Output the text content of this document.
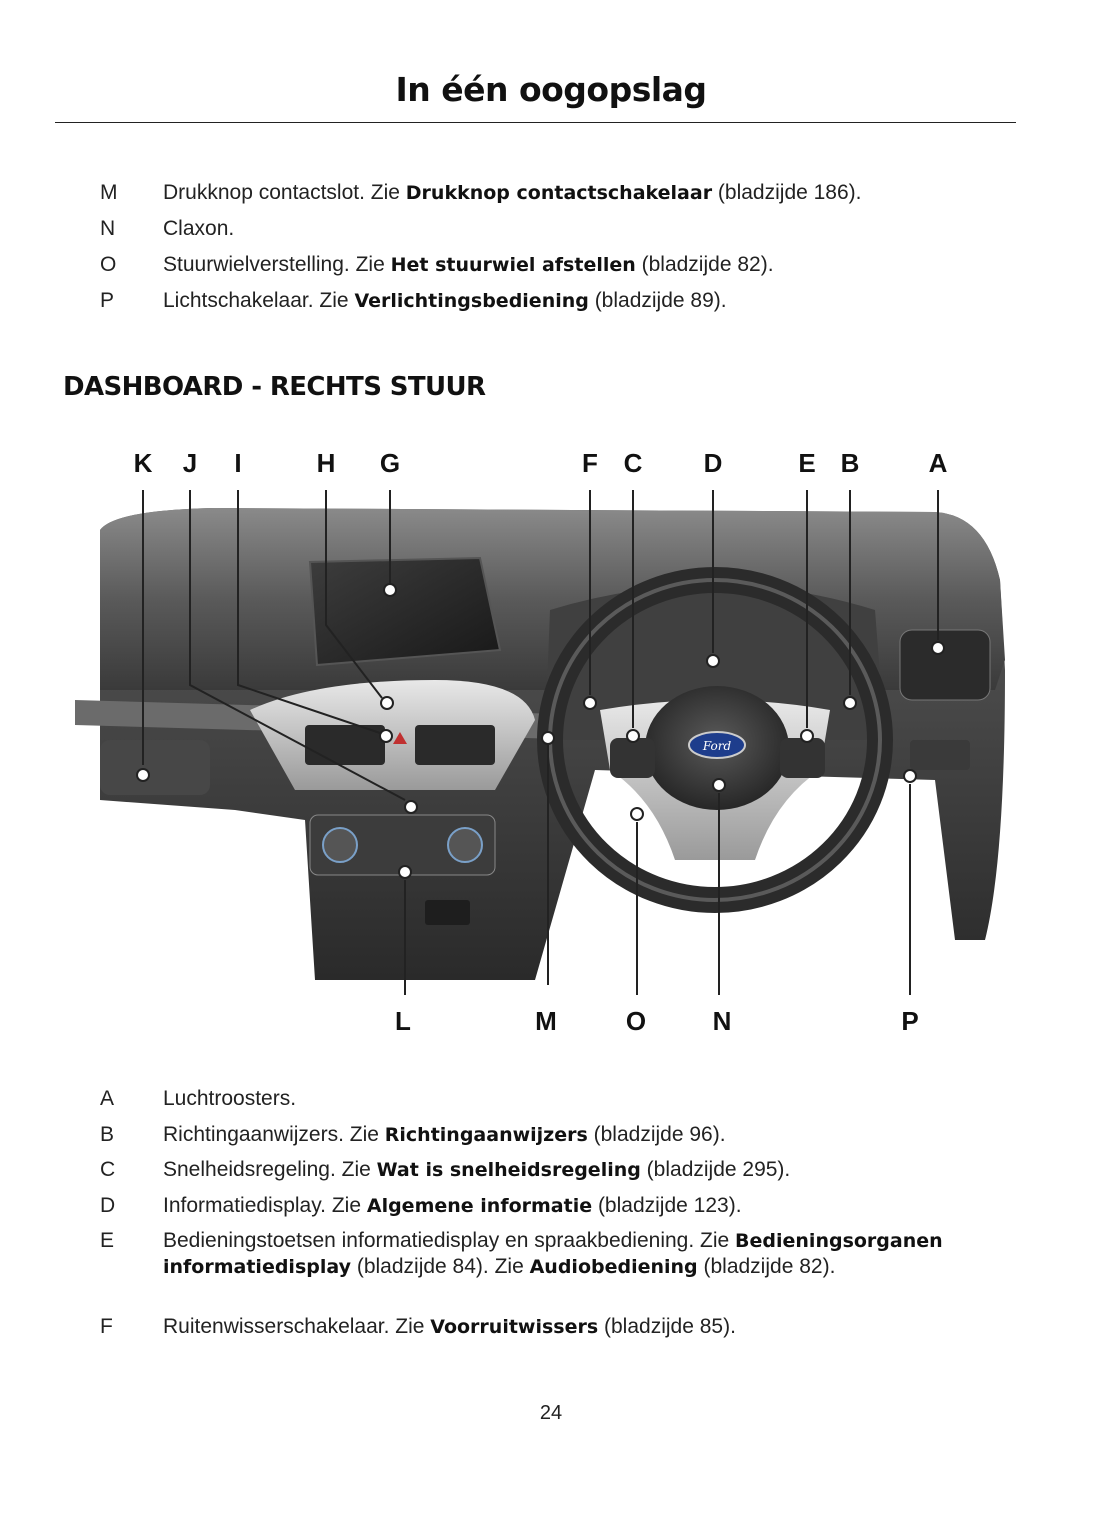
In één oogopslag
M Drukknop contactslot. Zie Drukknop contactschakelaar (bladzijde 186).
N Claxon.
O Stuurwielverstelling. Zie Het stuurwiel afstellen (bladzijde 82).
P Lichtschakelaar. Zie Verlichtingsbediening (bladzijde 89).
DASHBOARD - RECHTS STUUR
K J	I	H G	F C D	E B	A
Ford
L	M	O	N	P
A Luchtroosters.
B Richtingaanwijzers. Zie Richtingaanwijzers (bladzijde 96).
C Snelheidsregeling. Zie Wat is snelheidsregeling (bladzijde 295).
D Informatiedisplay. Zie Algemene informatie (bladzijde 123).
E Bedieningstoetsen informatiedisplay en spraakbediening. Zie Bedieningsorganen informatiedisplay (bladzijde 84). Zie Audiobediening (bladzijde 82).
F	Ruitenwisserschakelaar. Zie Voorruitwissers (bladzijde 85).
24
